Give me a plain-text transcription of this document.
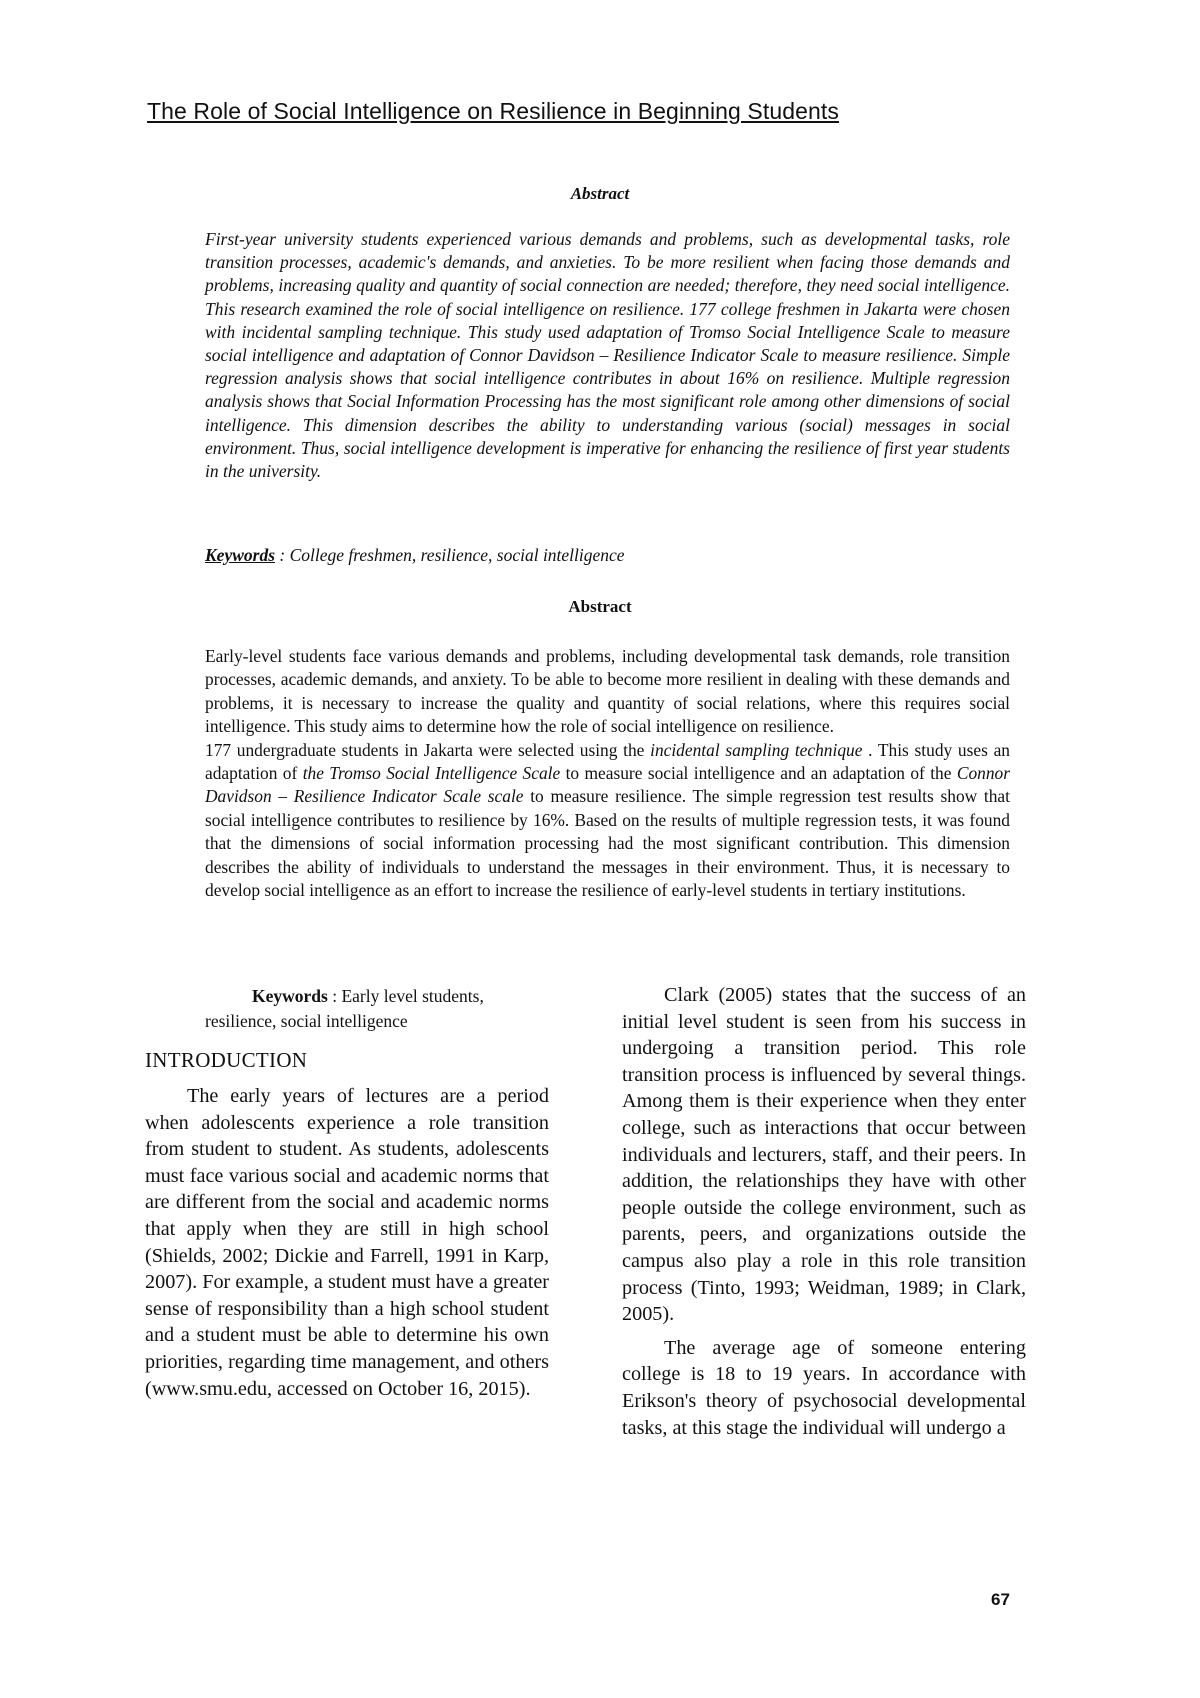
The Role of Social Intelligence on Resilience in Beginning Students
Abstract
First-year university students experienced various demands and problems, such as developmental tasks, role transition processes, academic's demands, and anxieties. To be more resilient when facing those demands and problems, increasing quality and quantity of social connection are needed; therefore, they need social intelligence. This research examined the role of social intelligence on resilience. 177 college freshmen in Jakarta were chosen with incidental sampling technique. This study used adaptation of Tromso Social Intelligence Scale to measure social intelligence and adaptation of Connor Davidson – Resilience Indicator Scale to measure resilience. Simple regression analysis shows that social intelligence contributes in about 16% on resilience. Multiple regression analysis shows that Social Information Processing has the most significant role among other dimensions of social intelligence. This dimension describes the ability to understanding various (social) messages in social environment. Thus, social intelligence development is imperative for enhancing the resilience of first year students in the university.
Keywords : College freshmen, resilience, social intelligence
Abstract

Early-level students face various demands and problems, including developmental task demands, role transition processes, academic demands, and anxiety. To be able to become more resilient in dealing with these demands and problems, it is necessary to increase the quality and quantity of social relations, where this requires social intelligence. This study aims to determine how the role of social intelligence on resilience.

177 undergraduate students in Jakarta were selected using the incidental sampling technique . This study uses an adaptation of the Tromso Social Intelligence Scale to measure social intelligence and an adaptation of the Connor Davidson – Resilience Indicator Scale scale to measure resilience. The simple regression test results show that social intelligence contributes to resilience by 16%. Based on the results of multiple regression tests, it was found that the dimensions of social information processing had the most significant contribution. This dimension describes the ability of individuals to understand the messages in their environment. Thus, it is necessary to develop social intelligence as an effort to increase the resilience of early-level students in tertiary institutions.

Keywords : Early level students,
resilience, social intelligence
INTRODUCTION

The early years of lectures are a period when adolescents experience a role transition from student to student. As students, adolescents must face various social and academic norms that are different from the social and academic norms that apply when they are still in high school (Shields, 2002; Dickie and Farrell, 1991 in Karp, 2007). For example, a student must have a greater sense of responsibility than a high school student and a student must be able to determine his own priorities, regarding time management, and others (www.smu.edu, accessed on October 16, 2015).

Clark (2005) states that the success of an initial level student is seen from his success in undergoing a transition period. This role transition process is influenced by several things. Among them is their experience when they enter college, such as interactions that occur between individuals and lecturers, staff, and their peers. In addition, the relationships they have with other people outside the college environment, such as parents, peers, and organizations outside the campus also play a role in this role transition process (Tinto, 1993; Weidman, 1989; in Clark, 2005).

The average age of someone entering college is 18 to 19 years. In accordance with Erikson's theory of psychosocial developmental tasks, at this stage the individual will undergo a

67
